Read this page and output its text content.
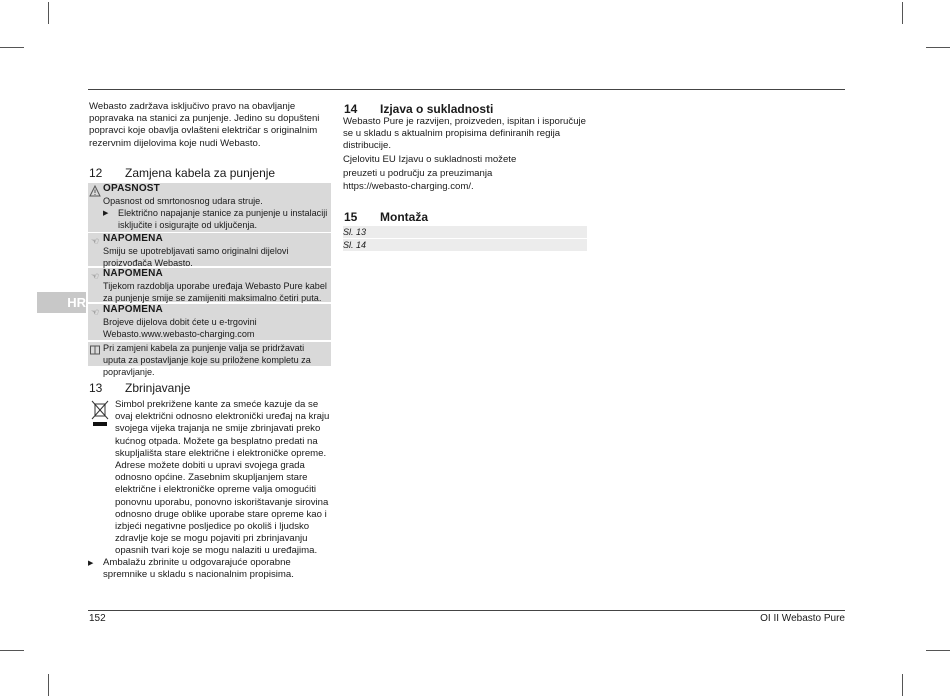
Webasto zadržava isključivo pravo na obavljanje popravaka na stanici za punjenje. Jedino su dopušteni popravci koje obavlja ovlašteni električar s originalnim rezervnim dijelovima koje nudi Webasto.
12	Zamjena kabela za punjenje
OPASNOST
Opasnost od smrtonosnog udara struje.
▶ Električno napajanje stanice za punjenje u instalaciji isključite i osigurajte od uključenja.
☜ NAPOMENA
Smiju se upotrebljavati samo originalni dijelovi proizvođača Webasto.
☜ NAPOMENA
Tijekom razdoblja uporabe uređaja Webasto Pure kabel za punjenje smije se zamijeniti maksimalno četiri puta.
☜ NAPOMENA
Brojeve dijelova dobit ćete u e-trgovini Webasto.www.webasto-charging.com
Pri zamjeni kabela za punjenje valja se pridržavati uputa za postavljanje koje su priložene kompletu za popravljanje.
HR
13	Zbrinjavanje
Simbol prekrižene kante za smeće kazuje da se ovaj električni odnosno elektronički uređaj na kraju svojega vijeka trajanja ne smije zbrinjavati preko kućnog otpada. Možete ga besplatno predati na skupljališta stare električne i elektroničke opreme. Adrese možete dobiti u upravi svojega grada odnosno općine. Zasebnim skupljanjem stare električne i elektroničke opreme valja omogućiti ponovnu uporabu, ponovno iskorištavanje sirovina odnosno druge oblike uporabe stare opreme kao i izbjeći negativne posljedice po okoliš i ljudsko zdravlje koje se mogu pojaviti pri zbrinjavanju opasnih tvari koje se mogu nalaziti u uređajima.
▶ Ambalažu zbrinite u odgovarajuće oporabne spremnike u skladu s nacionalnim propisima.
14	Izjava o sukladnosti
Webasto Pure je razvijen, proizveden, ispitan i isporučuje se u skladu s aktualnim propisima definiranih regija distribucije.
Cjelovitu EU Izjavu o sukladnosti možete preuzeti u području za preuzimanja https://webasto-charging.com/.
15	Montaža
Sl. 13
Sl. 14
152	OI II Webasto Pure
